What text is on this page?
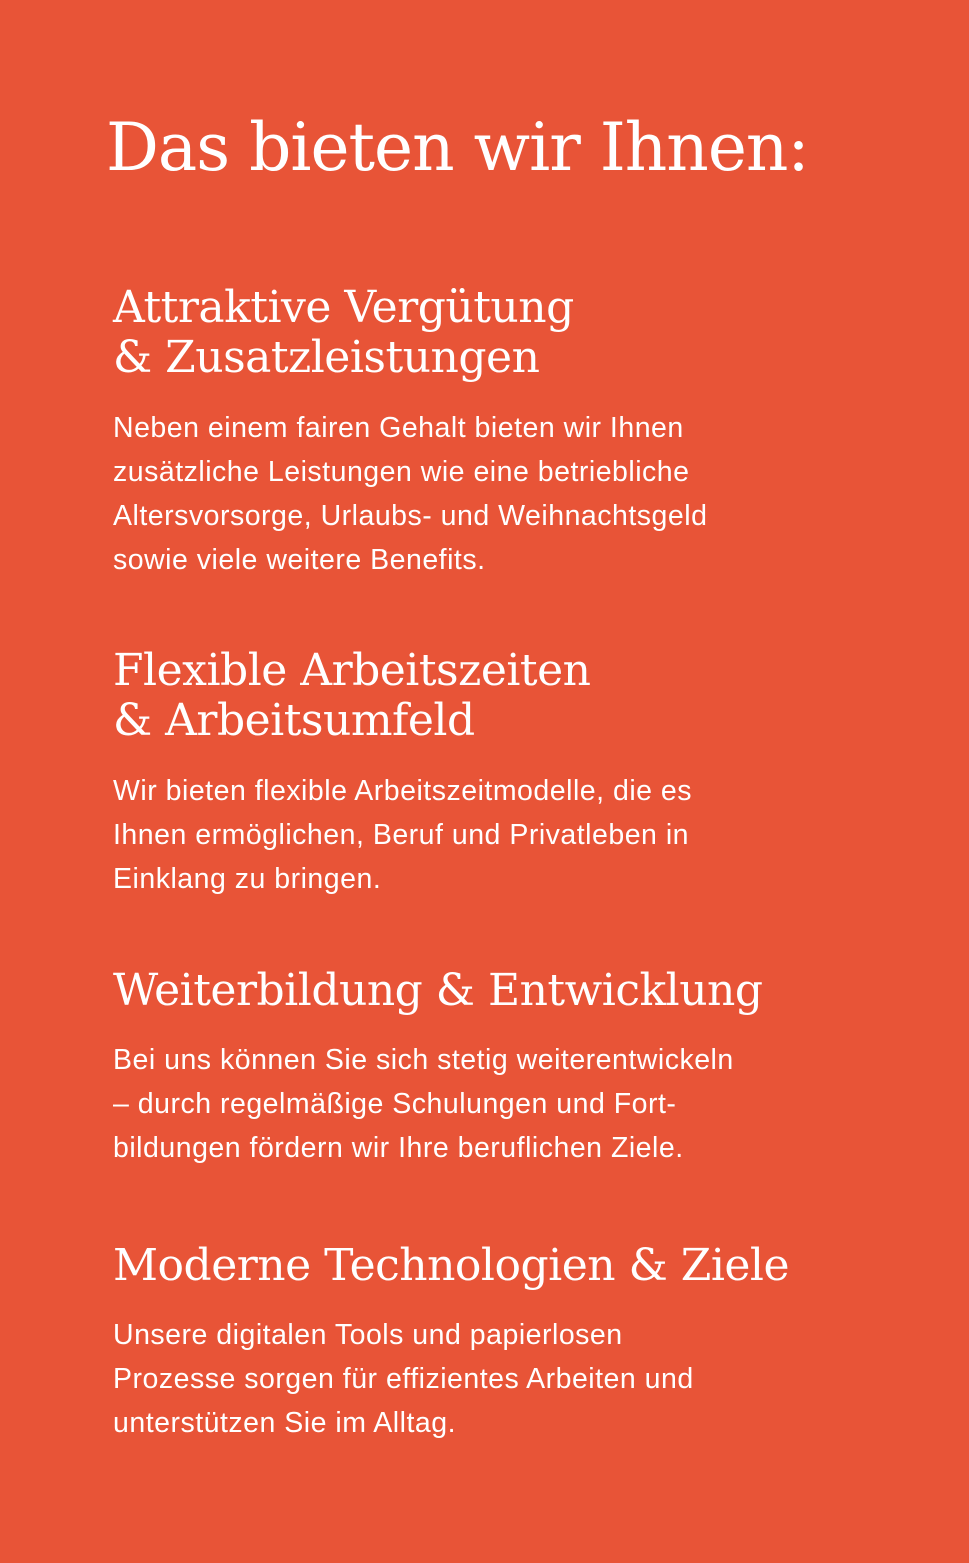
Das bieten wir Ihnen:
Attraktive Vergütung
& Zusatzleistungen

Neben einem fairen Gehalt bieten wir Ihnen
zusätzliche Leistungen wie eine betriebliche
Altersvorsorge, Urlaubs- und Weihnachtsgeld
sowie viele weitere Benefits.

Flexible Arbeitszeiten
& Arbeitsumfeld

Wir bieten flexible Arbeitszeitmodelle, die es
Ihnen ermöglichen, Beruf und Privatleben in
Einklang zu bringen.

Weiterbildung & Entwicklung

Bei uns können Sie sich stetig weiterentwickeln
– durch regelmäßige Schulungen und Fort-
bildungen fördern wir Ihre beruflichen Ziele.

Moderne Technologien & Ziele

Unsere digitalen Tools und papierlosen
Prozesse sorgen für effizientes Arbeiten und
unterstützen Sie im Alltag.
